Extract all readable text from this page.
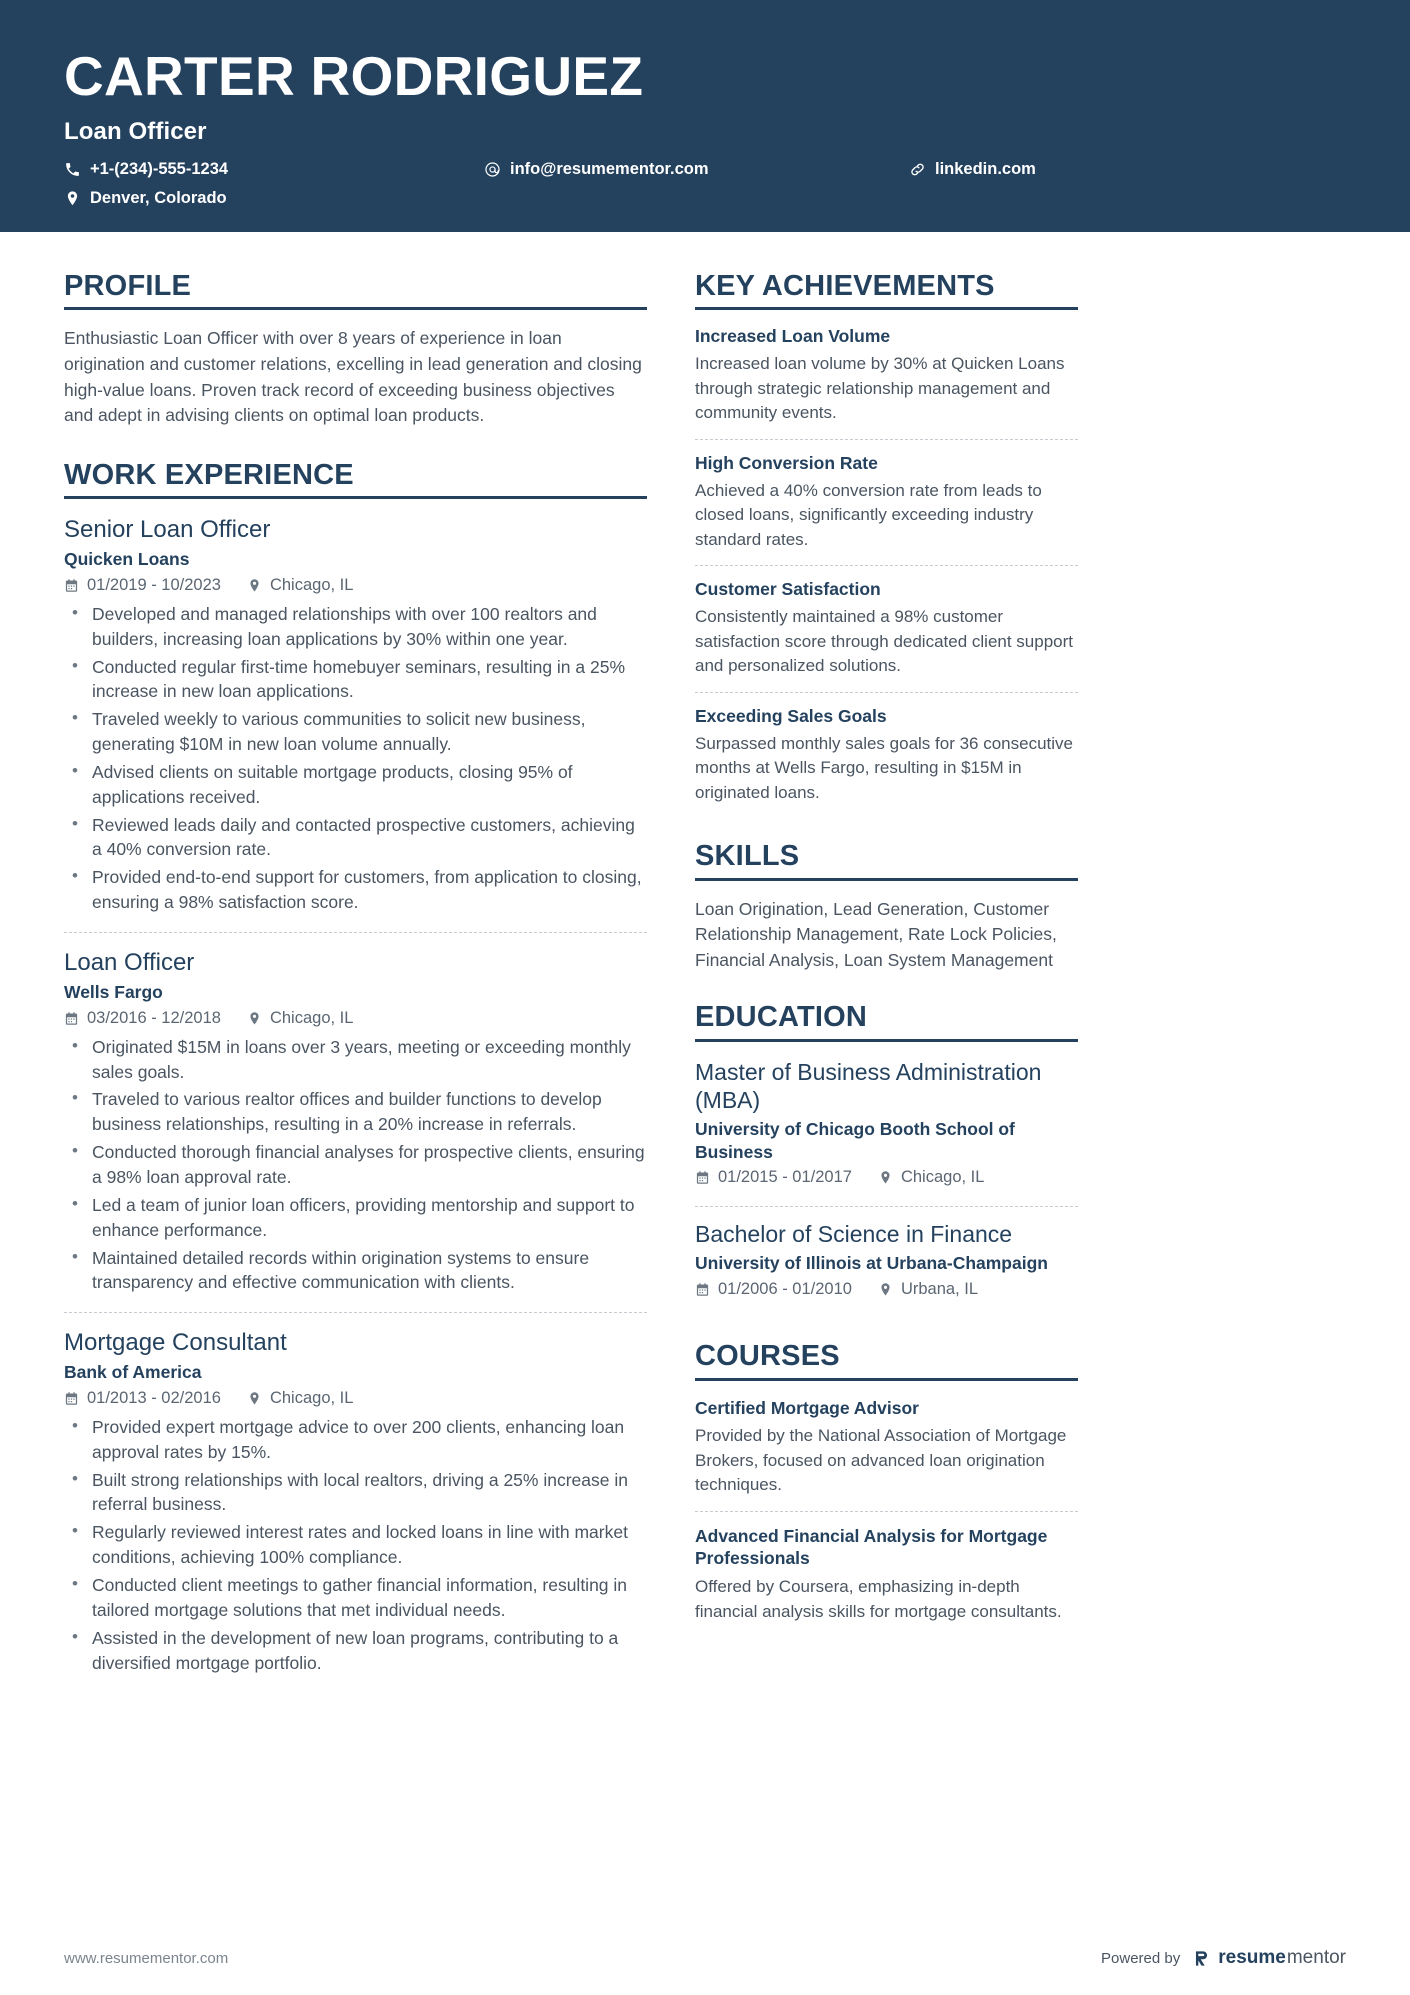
CARTER RODRIGUEZ
Loan Officer
+1-(234)-555-1234	info@resumementor.com	linkedin.com
Denver, Colorado
PROFILE
Enthusiastic Loan Officer with over 8 years of experience in loan origination and customer relations, excelling in lead generation and closing high-value loans. Proven track record of exceeding business objectives and adept in advising clients on optimal loan products.
WORK EXPERIENCE
Senior Loan Officer
Quicken Loans
01/2019 - 10/2023	Chicago, IL
• Developed and managed relationships with over 100 realtors and builders, increasing loan applications by 30% within one year.
• Conducted regular first-time homebuyer seminars, resulting in a 25% increase in new loan applications.
• Traveled weekly to various communities to solicit new business, generating $10M in new loan volume annually.
• Advised clients on suitable mortgage products, closing 95% of applications received.
• Reviewed leads daily and contacted prospective customers, achieving a 40% conversion rate.
• Provided end-to-end support for customers, from application to closing, ensuring a 98% satisfaction score.
Loan Officer
Wells Fargo
03/2016 - 12/2018	Chicago, IL
• Originated $15M in loans over 3 years, meeting or exceeding monthly sales goals.
• Traveled to various realtor offices and builder functions to develop business relationships, resulting in a 20% increase in referrals.
• Conducted thorough financial analyses for prospective clients, ensuring a 98% loan approval rate.
• Led a team of junior loan officers, providing mentorship and support to enhance performance.
• Maintained detailed records within origination systems to ensure transparency and effective communication with clients.
Mortgage Consultant
Bank of America
01/2013 - 02/2016	Chicago, IL
• Provided expert mortgage advice to over 200 clients, enhancing loan approval rates by 15%.
• Built strong relationships with local realtors, driving a 25% increase in referral business.
• Regularly reviewed interest rates and locked loans in line with market conditions, achieving 100% compliance.
• Conducted client meetings to gather financial information, resulting in tailored mortgage solutions that met individual needs.
• Assisted in the development of new loan programs, contributing to a diversified mortgage portfolio.
KEY ACHIEVEMENTS
Increased Loan Volume
Increased loan volume by 30% at Quicken Loans through strategic relationship management and community events.
High Conversion Rate
Achieved a 40% conversion rate from leads to closed loans, significantly exceeding industry standard rates.
Customer Satisfaction
Consistently maintained a 98% customer satisfaction score through dedicated client support and personalized solutions.
Exceeding Sales Goals
Surpassed monthly sales goals for 36 consecutive months at Wells Fargo, resulting in $15M in originated loans.
SKILLS
Loan Origination, Lead Generation, Customer Relationship Management, Rate Lock Policies, Financial Analysis, Loan System Management
EDUCATION
Master of Business Administration (MBA)
University of Chicago Booth School of Business
01/2015 - 01/2017	Chicago, IL
Bachelor of Science in Finance
University of Illinois at Urbana-Champaign
01/2006 - 01/2010	Urbana, IL
COURSES
Certified Mortgage Advisor
Provided by the National Association of Mortgage Brokers, focused on advanced loan origination techniques.
Advanced Financial Analysis for Mortgage Professionals
Offered by Coursera, emphasizing in-depth financial analysis skills for mortgage consultants.
www.resumementor.com	Powered by resume mentor
